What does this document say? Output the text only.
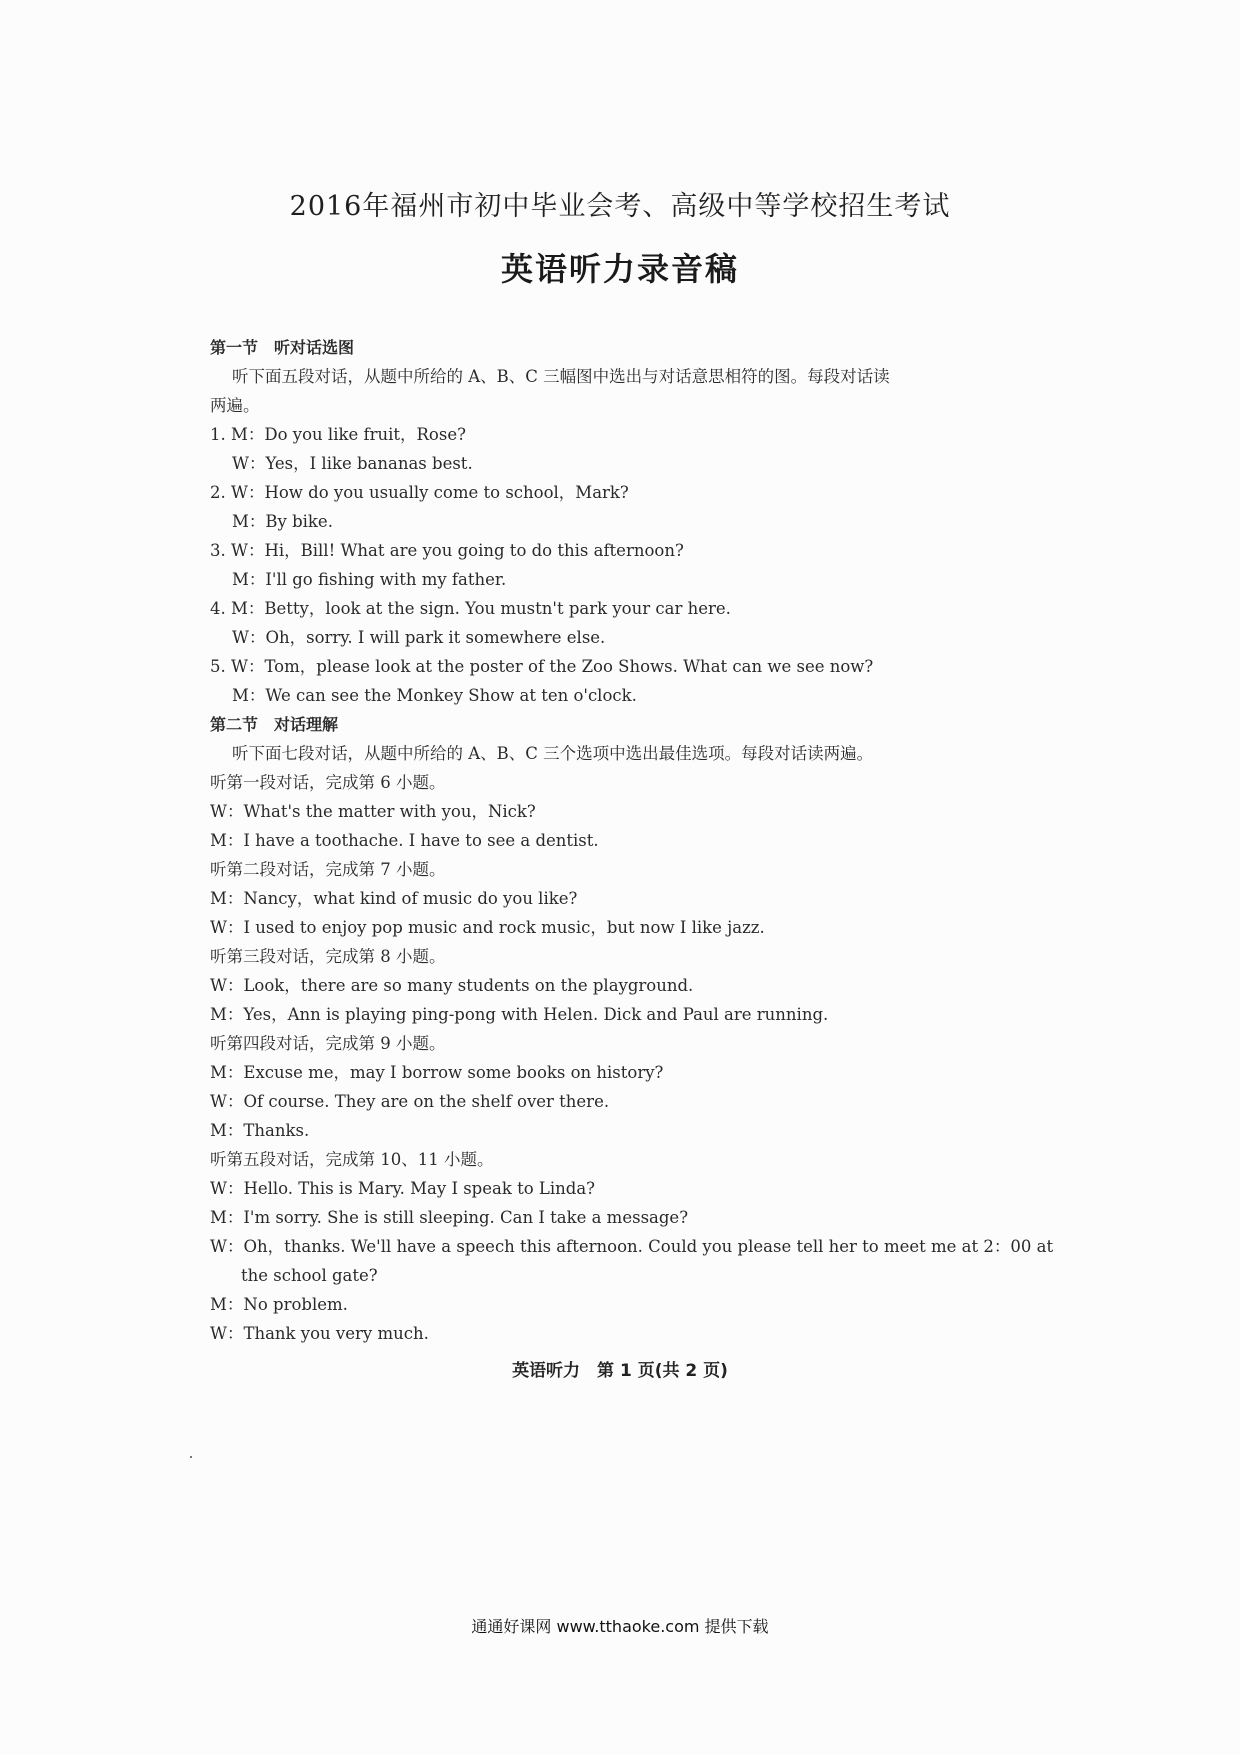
2016年福州市初中毕业会考、高级中等学校招生考试
英语听力录音稿
第一节　听对话选图
听下面五段对话，从题中所给的 A、B、C 三幅图中选出与对话意思相符的图。每段对话读
两遍。
1. M：Do you like fruit，Rose?
W：Yes，I like bananas best.
2. W：How do you usually come to school，Mark?
M：By bike.
3. W：Hi，Bill! What are you going to do this afternoon?
M：I'll go fishing with my father.
4. M：Betty，look at the sign. You mustn't park your car here.
W：Oh，sorry. I will park it somewhere else.
5. W：Tom，please look at the poster of the Zoo Shows. What can we see now?
M：We can see the Monkey Show at ten o'clock.
第二节　对话理解
听下面七段对话，从题中所给的 A、B、C 三个选项中选出最佳选项。每段对话读两遍。
听第一段对话，完成第 6 小题。
W：What's the matter with you，Nick?
M：I have a toothache. I have to see a dentist.
听第二段对话，完成第 7 小题。
M：Nancy，what kind of music do you like?
W：I used to enjoy pop music and rock music，but now I like jazz.
听第三段对话，完成第 8 小题。
W：Look，there are so many students on the playground.
M：Yes，Ann is playing ping-pong with Helen. Dick and Paul are running.
听第四段对话，完成第 9 小题。
M：Excuse me，may I borrow some books on history?
W：Of course. They are on the shelf over there.
M：Thanks.
听第五段对话，完成第 10、11 小题。
W：Hello. This is Mary. May I speak to Linda?
M：I'm sorry. She is still sleeping. Can I take a message?
W：Oh，thanks. We'll have a speech this afternoon. Could you please tell her to meet me at 2：00 at
the school gate?
M：No problem.
W：Thank you very much.
英语听力　第 1 页(共 2 页)
通通好课网 www.tthaoke.com 提供下载
